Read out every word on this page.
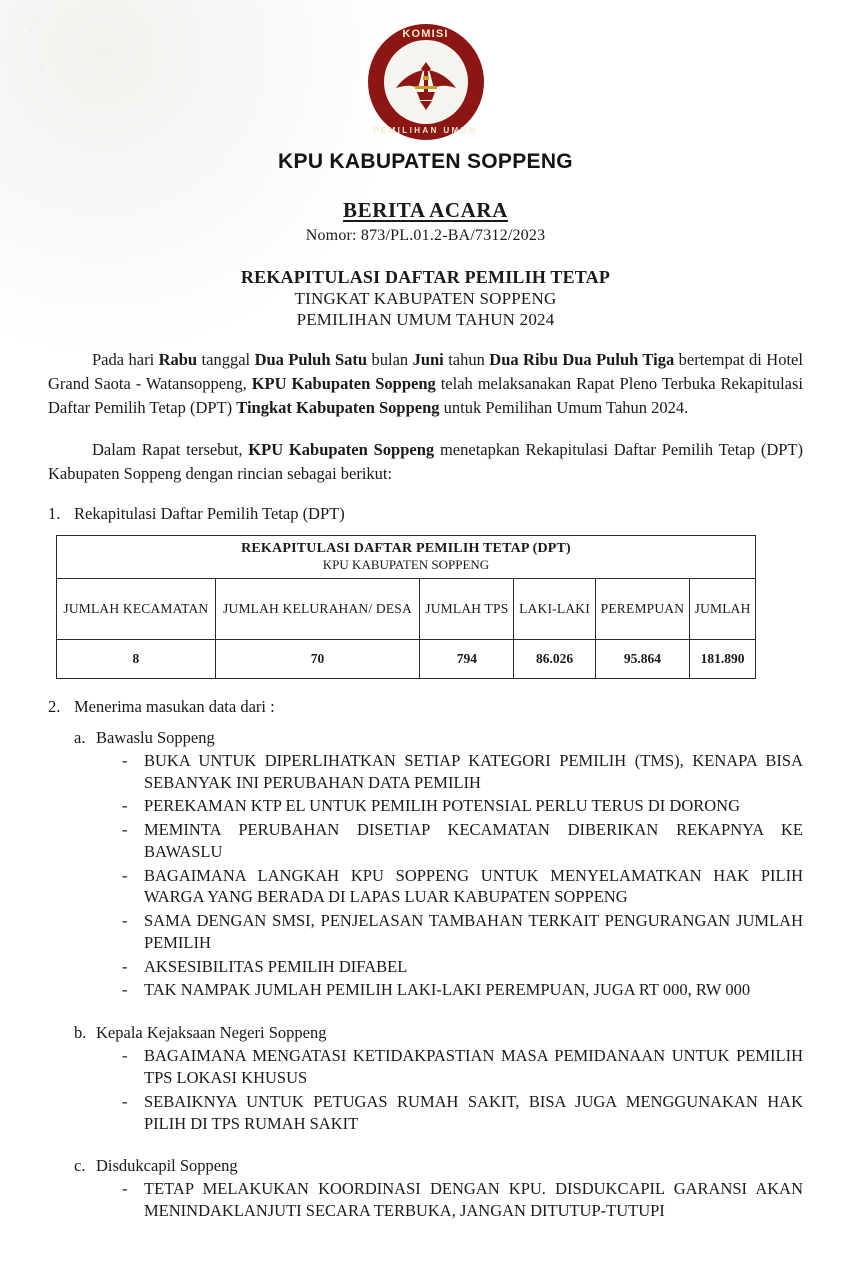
KOMISI
PEMILIHAN UMUM
KPU KABUPATEN SOPPENG
BERITA ACARA
Nomor: 873/PL.01.2-BA/7312/2023
REKAPITULASI DAFTAR PEMILIH TETAP
TINGKAT KABUPATEN SOPPENG
PEMILIHAN UMUM TAHUN 2024
Pada hari Rabu tanggal Dua Puluh Satu bulan Juni tahun Dua Ribu Dua Puluh Tiga bertempat di Hotel Grand Saota - Watansoppeng, KPU Kabupaten Soppeng telah melaksanakan Rapat Pleno Terbuka Rekapitulasi Daftar Pemilih Tetap (DPT) Tingkat Kabupaten Soppeng untuk Pemilihan Umum Tahun 2024.
Dalam Rapat tersebut, KPU Kabupaten Soppeng menetapkan Rekapitulasi Daftar Pemilih Tetap (DPT) Kabupaten Soppeng dengan rincian sebagai berikut:
1. Rekapitulasi Daftar Pemilih Tetap (DPT)
REKAPITULASI DAFTAR PEMILIH TETAP (DPT)					
KPU KABUPATEN SOPPENG					
JUMLAH KECAMATAN	JUMLAH KELURAHAN/ DESA	JUMLAH TPS	LAKI-LAKI	PEREMPUAN	JUMLAH
8	70	794	86.026	95.864	181.890
2. Menerima masukan data dari :
a. Bawaslu Soppeng
-	BUKA UNTUK DIPERLIHATKAN SETIAP KATEGORI PEMILIH (TMS), KENAPA BISA SEBANYAK INI PERUBAHAN DATA PEMILIH
-	PEREKAMAN KTP EL UNTUK PEMILIH POTENSIAL PERLU TERUS DI DORONG
-	MEMINTA PERUBAHAN DISETIAP KECAMATAN DIBERIKAN REKAPNYA KE BAWASLU
-	BAGAIMANA LANGKAH KPU SOPPENG UNTUK MENYELAMATKAN HAK PILIH WARGA YANG BERADA DI LAPAS LUAR KABUPATEN SOPPENG
-	SAMA DENGAN SMSI, PENJELASAN TAMBAHAN TERKAIT PENGURANGAN JUMLAH PEMILIH
-	AKSESIBILITAS PEMILIH DIFABEL
-	TAK NAMPAK JUMLAH PEMILIH LAKI-LAKI PEREMPUAN, JUGA RT 000, RW 000
b. Kepala Kejaksaan Negeri Soppeng
-	BAGAIMANA MENGATASI KETIDAKPASTIAN MASA PEMIDANAAN UNTUK PEMILIH TPS LOKASI KHUSUS
-	SEBAIKNYA UNTUK PETUGAS RUMAH SAKIT, BISA JUGA MENGGUNAKAN HAK PILIH DI TPS RUMAH SAKIT
c. Disdukcapil Soppeng
-	TETAP MELAKUKAN KOORDINASI DENGAN KPU. DISDUKCAPIL GARANSI AKAN MENINDAKLANJUTI SECARA TERBUKA, JANGAN DITUTUP-TUTUPI
